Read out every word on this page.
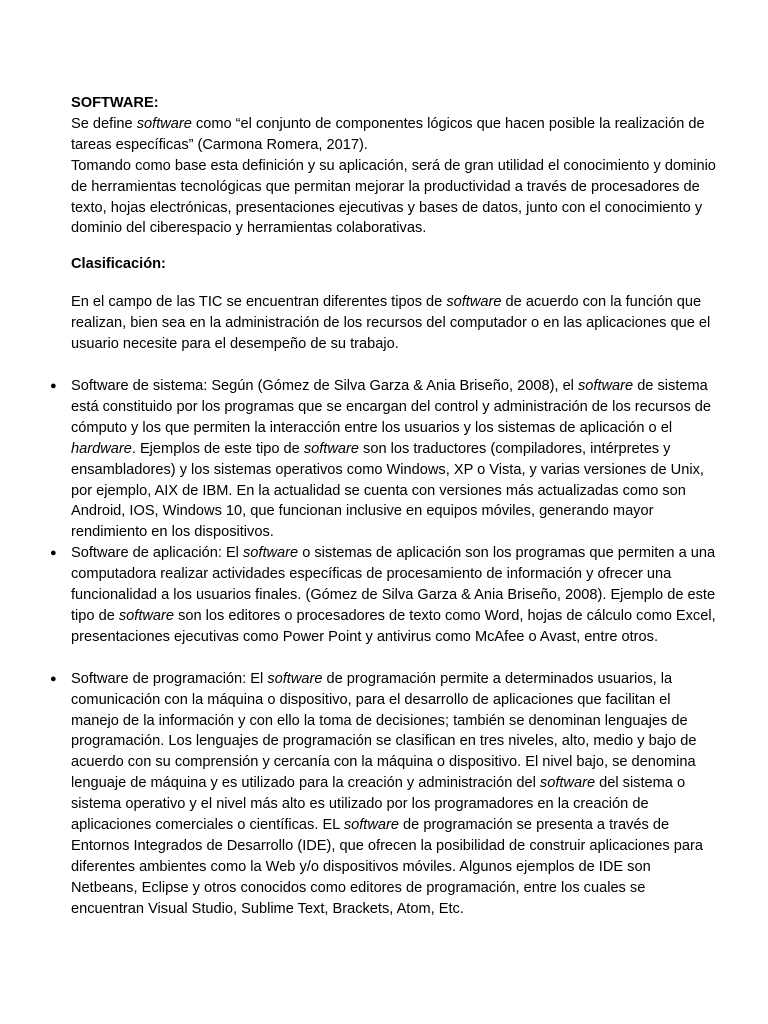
SOFTWARE:

Se define software como “el conjunto de componentes lógicos que hacen posible la realización de tareas específicas” (Carmona Romera, 2017).

Tomando como base esta definición y su aplicación, será de gran utilidad el conocimiento y dominio de herramientas tecnológicas que permitan mejorar la productividad a través de procesadores de texto, hojas electrónicas, presentaciones ejecutivas y bases de datos, junto con el conocimiento y dominio del ciberespacio y herramientas colaborativas.

Clasificación:

En el campo de las TIC se encuentran diferentes tipos de software de acuerdo con la función que realizan, bien sea en la administración de los recursos del computador o en las aplicaciones que el usuario necesite para el desempeño de su trabajo.

● Software de sistema: Según (Gómez de Silva Garza & Ania Briseño, 2008), el software de sistema está constituido por los programas que se encargan del control y administración de los recursos de cómputo y los que permiten la interacción entre los usuarios y los sistemas de aplicación o el hardware. Ejemplos de este tipo de software son los traductores (compiladores, intérpretes y ensambladores) y los sistemas operativos como Windows, XP o Vista, y varias versiones de Unix, por ejemplo, AIX de IBM. En la actualidad se cuenta con versiones más actualizadas como son Android, IOS, Windows 10, que funcionan inclusive en equipos móviles, generando mayor rendimiento en los dispositivos.
● Software de aplicación: El software o sistemas de aplicación son los programas que permiten a una computadora realizar actividades específicas de procesamiento de información y ofrecer una funcionalidad a los usuarios finales. (Gómez de Silva Garza & Ania Briseño, 2008). Ejemplo de este tipo de software son los editores o procesadores de texto como Word, hojas de cálculo como Excel, presentaciones ejecutivas como Power Point y antivirus como McAfee o Avast, entre otros.
● Software de programación: El software de programación permite a determinados usuarios, la comunicación con la máquina o dispositivo, para el desarrollo de aplicaciones que facilitan el manejo de la información y con ello la toma de decisiones; también se denominan lenguajes de programación. Los lenguajes de programación se clasifican en tres niveles, alto, medio y bajo de acuerdo con su comprensión y cercanía con la máquina o dispositivo. El nivel bajo, se denomina lenguaje de máquina y es utilizado para la creación y administración del software del sistema o sistema operativo y el nivel más alto es utilizado por los programadores en la creación de aplicaciones comerciales o científicas. EL software de programación se presenta a través de Entornos Integrados de Desarrollo (IDE), que ofrecen la posibilidad de construir aplicaciones para diferentes ambientes como la Web y/o dispositivos móviles. Algunos ejemplos de IDE son Netbeans, Eclipse y otros conocidos como editores de programación, entre los cuales se encuentran Visual Studio, Sublime Text, Brackets, Atom, Etc.
